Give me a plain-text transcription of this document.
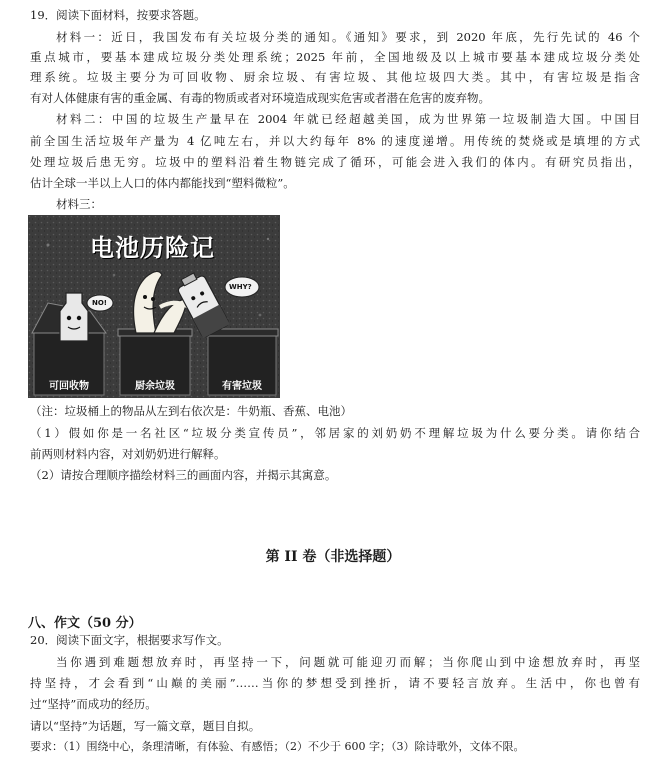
19．阅读下面材料，按要求答题。
材料一：近日，我国发布有关垃圾分类的通知。《通知》要求，到 2020 年底，先行先试的 46 个
重点城市，要基本建成垃圾分类处理系统；2025 年前，全国地级及以上城市要基本建成垃圾分类处
理系统。垃圾主要分为可回收物、厨余垃圾、有害垃圾、其他垃圾四大类。其中，有害垃圾是指含
有对人体健康有害的重金属、有毒的物质或者对环境造成现实危害或者潜在危害的废弃物。
材料二：中国的垃圾生产量早在 2004 年就已经超越美国，成为世界第一垃圾制造大国。中国目
前全国生活垃圾年产量为 4 亿吨左右，并以大约每年 8% 的速度递增。用传统的焚烧或是填埋的方式
处理垃圾后患无穷。垃圾中的塑料沿着生物链完成了循环，可能会进入我们的体内。有研究员指出，
估计全球一半以上人口的体内都能找到“塑料微粒”。
材料三：
电池历险记
NO!
WHY?
可回收物	厨余垃圾	有害垃圾
（注：垃圾桶上的物品从左到右依次是：牛奶瓶、香蕉、电池）
（1）假如你是一名社区“垃圾分类宣传员”，邻居家的刘奶奶不理解垃圾为什么要分类。请你结合
前两则材料内容，对刘奶奶进行解释。
（2）请按合理顺序描绘材料三的画面内容，并揭示其寓意。
第 II 卷（非选择题）
八、作文（50 分）
20．阅读下面文字，根据要求写作文。
当你遇到难题想放弃时，再坚持一下，问题就可能迎刃而解；当你爬山到中途想放弃时，再坚
持坚持，才会看到“山巅的美丽”……当你的梦想受到挫折，请不要轻言放弃。生活中，你也曾有
过“坚持”而成功的经历。
请以“坚持”为话题，写一篇文章，题目自拟。
要求：（1）围绕中心，条理清晰，有体验、有感悟；（2）不少于 600 字；（3）除诗歌外，文体不限。
